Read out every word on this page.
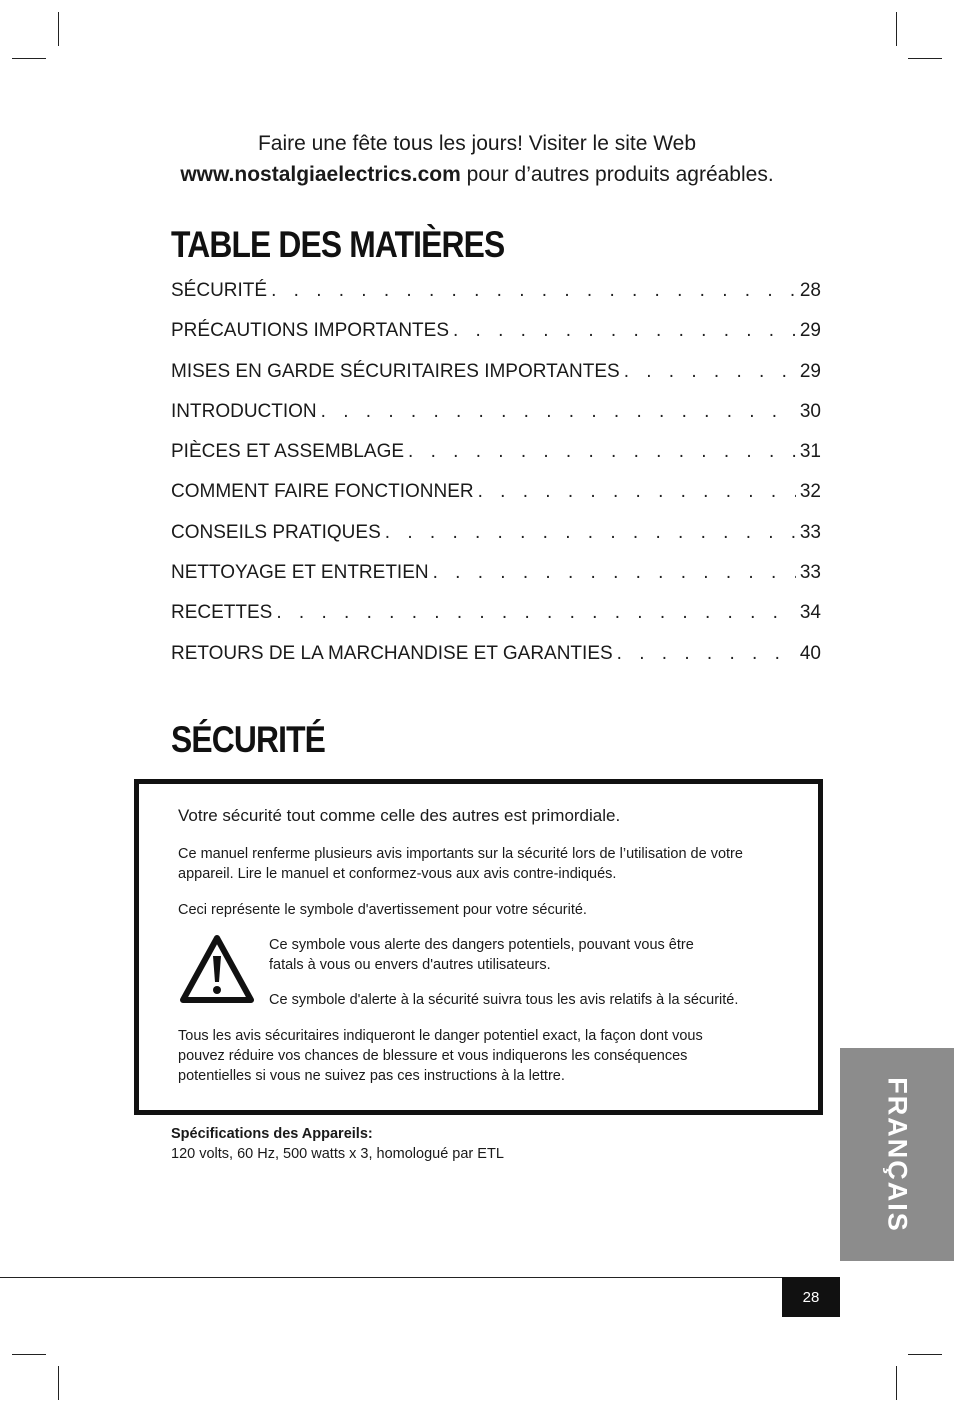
Faire une fête tous les jours! Visiter le site Web
www.nostalgiaelectrics.com pour d’autres produits agréables.
TABLE DES MATIÈRES
SÉCURITÉ . . .	28
PRÉCAUTIONS IMPORTANTES . . .	29
MISES EN GARDE SÉCURITAIRES IMPORTANTES . . .	29
INTRODUCTION . . .	30
PIÈCES ET ASSEMBLAGE . . .	31
COMMENT FAIRE FONCTIONNER . . .	32
CONSEILS PRATIQUES . . .	33
NETTOYAGE ET ENTRETIEN . . .	33
RECETTES . . .	34
RETOURS DE LA MARCHANDISE ET GARANTIES . . .	40
SÉCURITÉ
Votre sécurité tout comme celle des autres est primordiale.
Ce manuel renferme plusieurs avis importants sur la sécurité lors de l’utilisation de votre appareil. Lire le manuel et conformez-vous aux avis contre-indiqués.
Ceci représente le symbole d'avertissement pour votre sécurité.
Ce symbole vous alerte des dangers potentiels, pouvant vous être fatals à vous ou envers d'autres utilisateurs.
Ce symbole d'alerte à la sécurité suivra tous les avis relatifs à la sécurité.
Tous les avis sécuritaires indiqueront le danger potentiel exact, la façon dont vous pouvez réduire vos chances de blessure et vous indiquerons les conséquences potentielles si vous ne suivez pas ces instructions à la lettre.
Spécifications des Appareils:
120 volts, 60 Hz, 500 watts x 3, homologué par ETL	FRANÇAIS
28
